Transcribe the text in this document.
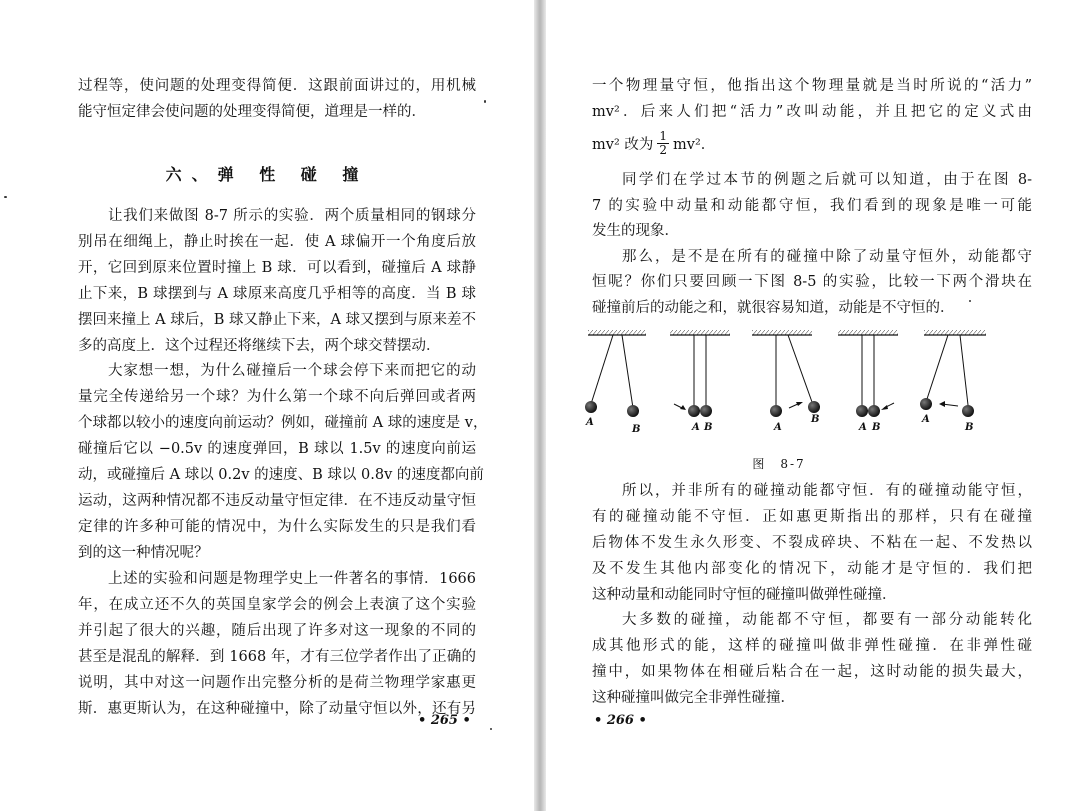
过程等，使问题的处理变得简便．这跟前面讲过的，用机械
能守恒定律会使问题的处理变得简便，道理是一样的．
六、弹 性 碰 撞
让我们来做图 8-7 所示的实验．两个质量相同的钢球分
别吊在细绳上，静止时挨在一起．使 A 球偏开一个角度后放
开，它回到原来位置时撞上 B 球．可以看到，碰撞后 A 球静
止下来，B 球摆到与 A 球原来高度几乎相等的高度．当 B 球
摆回来撞上 A 球后，B 球又静止下来，A 球又摆到与原来差不
多的高度上．这个过程还将继续下去，两个球交替摆动．
大家想一想，为什么碰撞后一个球会停下来而把它的动
量完全传递给另一个球？为什么第一个球不向后弹回或者两
个球都以较小的速度向前运动？例如，碰撞前 A 球的速度是 v，
碰撞后它以 −0.5v 的速度弹回，B 球以 1.5v 的速度向前运
动，或碰撞后 A 球以 0.2v 的速度、B 球以 0.8v 的速度都向前
运动，这两种情况都不违反动量守恒定律．在不违反动量守恒
定律的许多种可能的情况中，为什么实际发生的只是我们看
到的这一种情况呢？
上述的实验和问题是物理学史上一件著名的事情．1666
年，在成立还不久的英国皇家学会的例会上表演了这个实验
并引起了很大的兴趣，随后出现了许多对这一现象的不同的
甚至是混乱的解释．到 1668 年，才有三位学者作出了正确的
说明，其中对这一问题作出完整分析的是荷兰物理学家惠更
斯．惠更斯认为，在这种碰撞中，除了动量守恒以外，还有另
• 265 •
一个物理量守恒，他指出这个物理量就是当时所说的“活力”
mv²．后来人们把“活力”改叫动能，并且把它的定义式由
mv² 改为 $\frac{1}{2} mv^2$．
同学们在学过本节的例题之后就可以知道，由于在图 8-
7 的实验中动量和动能都守恒，我们看到的现象是唯一可能
发生的现象．
那么，是不是在所有的碰撞中除了动量守恒外，动能都守
恒呢？你们只要回顾一下图 8-5 的实验，比较一下两个滑块在
碰撞前后的动能之和，就很容易知道，动能是不守恒的．
A
B	A B	A
B
A B
A
B
图　8-7
所以，并非所有的碰撞动能都守恒．有的碰撞动能守恒，
有的碰撞动能不守恒．正如惠更斯指出的那样，只有在碰撞
后物体不发生永久形变、不裂成碎块、不粘在一起、不发热以
及不发生其他内部变化的情况下，动能才是守恒的．我们把
这种动量和动能同时守恒的碰撞叫做弹性碰撞．
大多数的碰撞，动能都不守恒，都要有一部分动能转化
成其他形式的能，这样的碰撞叫做非弹性碰撞．在非弹性碰
撞中，如果物体在相碰后粘合在一起，这时动能的损失最大，
这种碰撞叫做完全非弹性碰撞．
• 266 •
